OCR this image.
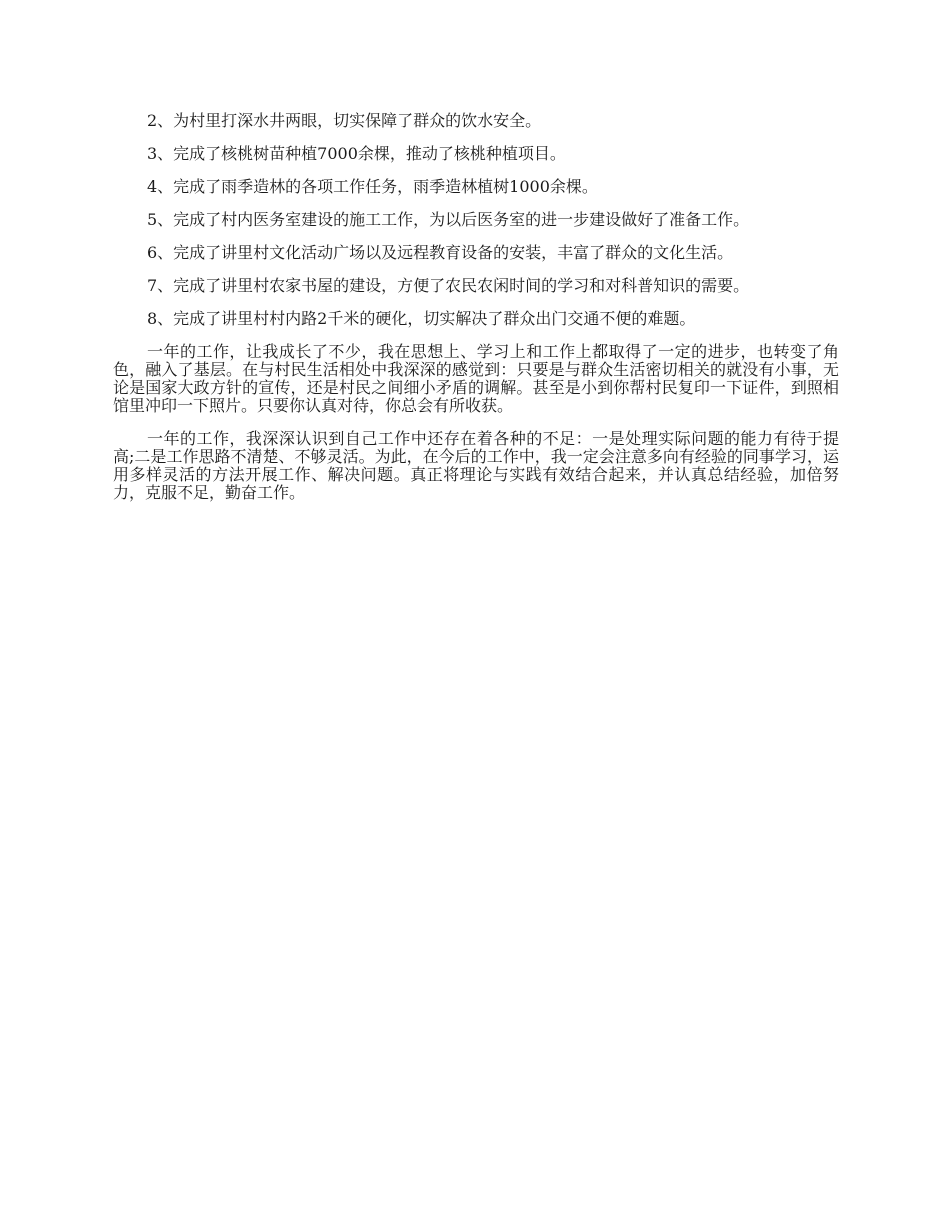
2、为村里打深水井两眼，切实保障了群众的饮水安全。

3、完成了核桃树苗种植7000余棵，推动了核桃种植项目。

4、完成了雨季造林的各项工作任务，雨季造林植树1000余棵。

5、完成了村内医务室建设的施工工作，为以后医务室的进一步建设做好了准备工作。

6、完成了讲里村文化活动广场以及远程教育设备的安装，丰富了群众的文化生活。

7、完成了讲里村农家书屋的建设，方便了农民农闲时间的学习和对科普知识的需要。

8、完成了讲里村村内路2千米的硬化，切实解决了群众出门交通不便的难题。

一年的工作，让我成长了不少，我在思想上、学习上和工作上都取得了一定的进步，也转变了角色，融入了基层。在与村民生活相处中我深深的感觉到：只要是与群众生活密切相关的就没有小事，无论是国家大政方针的宣传，还是村民之间细小矛盾的调解。甚至是小到你帮村民复印一下证件，到照相馆里冲印一下照片。只要你认真对待，你总会有所收获。

一年的工作，我深深认识到自己工作中还存在着各种的不足：一是处理实际问题的能力有待于提高;二是工作思路不清楚、不够灵活。为此，在今后的工作中，我一定会注意多向有经验的同事学习，运用多样灵活的方法开展工作、解决问题。真正将理论与实践有效结合起来，并认真总结经验，加倍努力，克服不足，勤奋工作。
